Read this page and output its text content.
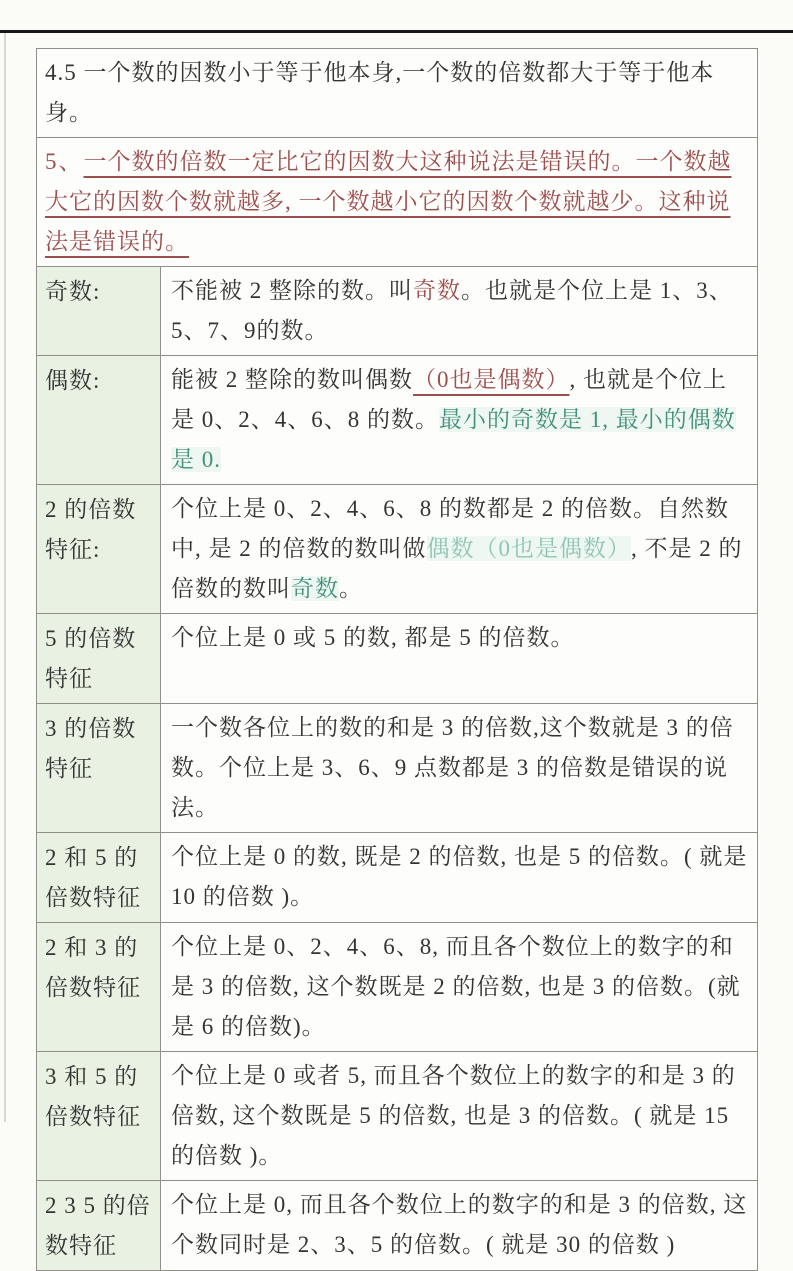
4.5 一个数的因数小于等于他本身,一个数的倍数都大于等于他本身。
5、一个数的倍数一定比它的因数大这种说法是错误的。一个数越大它的因数个数就越多, 一个数越小它的因数个数就越少。这种说法是错误的。
奇数:	不能被 2 整除的数。叫奇数。也就是个位上是 1、3、5、7、9的数。
偶数:	能被 2 整除的数叫偶数（0也是偶数）, 也就是个位上是 0、2、4、6、8 的数。最小的奇数是 1, 最小的偶数是 0.
2 的倍数
特征:
个位上是 0、2、4、6、8 的数都是 2 的倍数。自然数中, 是 2 的倍数的数叫做偶数（0也是偶数）, 不是 2 的倍数的数叫奇数。
5 的倍数
特征
个位上是 0 或 5 的数, 都是 5 的倍数。
3 的倍数
特征
一个数各位上的数的和是 3 的倍数,这个数就是 3 的倍数。个位上是 3、6、9 点数都是 3 的倍数是错误的说法。
2 和 5 的
倍数特征
个位上是 0 的数, 既是 2 的倍数, 也是 5 的倍数。( 就是 10 的倍数 )。
2 和 3 的
倍数特征
个位上是 0、2、4、6、8, 而且各个数位上的数字的和是 3 的倍数, 这个数既是 2 的倍数, 也是 3 的倍数。(就是 6 的倍数)。
3 和 5 的
倍数特征
个位上是 0 或者 5, 而且各个数位上的数字的和是 3 的倍数, 这个数既是 5 的倍数, 也是 3 的倍数。( 就是 15 的倍数 )。
2 3 5 的倍
数特征
个位上是 0, 而且各个数位上的数字的和是 3 的倍数, 这个数同时是 2、3、5 的倍数。( 就是 30 的倍数 )
